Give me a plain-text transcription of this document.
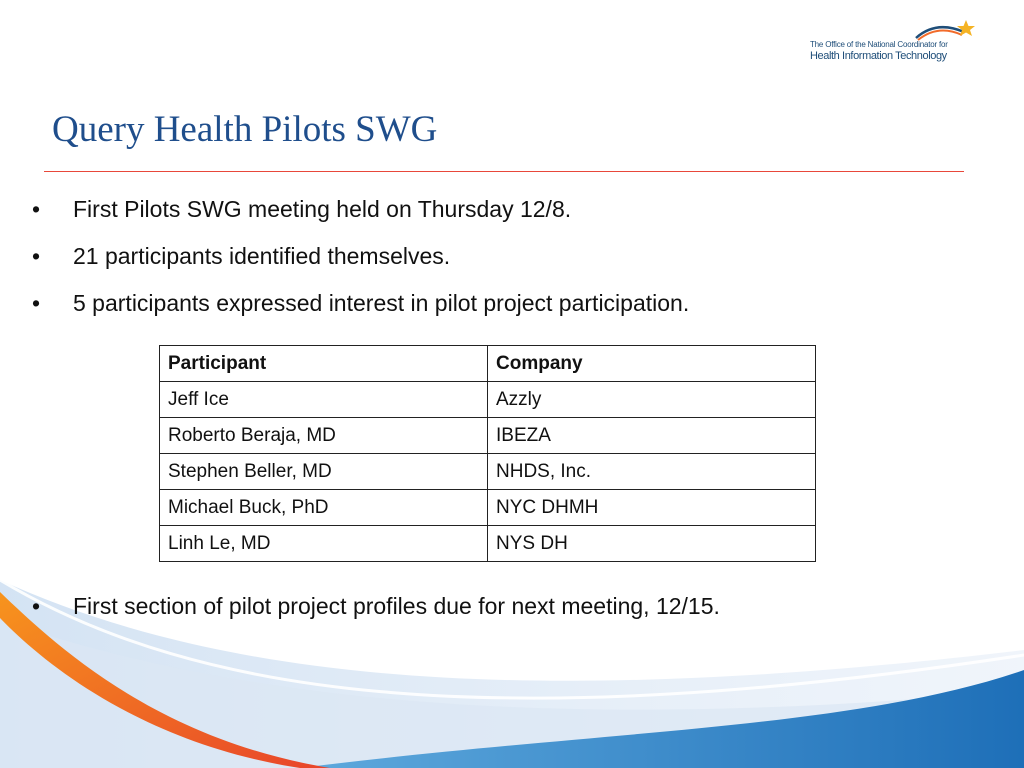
The Office of the National Coordinator for
Health Information Technology
Query Health Pilots SWG
• First Pilots SWG meeting held on Thursday 12/8.
• 21 participants identified themselves.
• 5 participants expressed interest in pilot project participation.
Participant	Company
Jeff Ice	Azzly
Roberto Beraja, MD	IBEZA
Stephen Beller, MD	NHDS, Inc.
Michael Buck, PhD	NYC DHMH
Linh Le, MD	NYS DH
• First section of pilot project profiles due for next meeting, 12/15.
